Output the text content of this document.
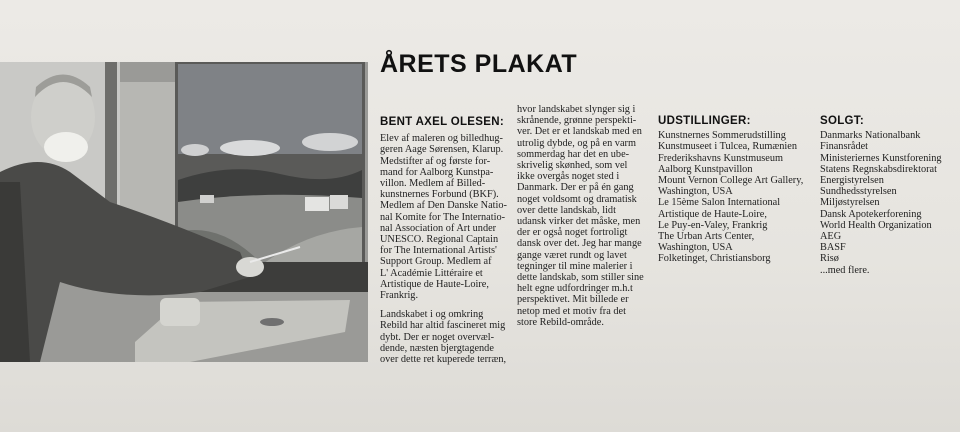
ÅRETS PLAKAT
BENT AXEL OLESEN:

Elev af maleren og billedhug-
geren Aage Sørensen, Klarup.
Medstifter af og første for-
mand for Aalborg Kunstpa-
villon. Medlem af Billed-
kunstnernes Forbund (BKF).
Medlem af Den Danske Natio-
nal Komite for The Internatio-
nal Association of Art under
UNESCO. Regional Captain
for The International Artists'
Support Group. Medlem af
L' Académie Littéraire et
Artistique de Haute-Loire,
Frankrig.

Landskabet i og omkring
Rebild har altid fascineret mig
dybt. Der er noget overvæl-
dende, næsten bjergtagende
over dette ret kuperede terræn,

hvor landskabet slynger sig i
skrånende, grønne perspekti-
ver. Det er et landskab med en
utrolig dybde, og på en varm
sommerdag har det en ube-
skrivelig skønhed, som vel
ikke overgås noget sted i
Danmark. Der er på én gang
noget voldsomt og dramatisk
over dette landskab, lidt
udansk virker det måske, men
der er også noget fortroligt
dansk over det. Jeg har mange
gange været rundt og lavet
tegninger til mine malerier i
dette landskab, som stiller sine
helt egne udfordringer m.h.t
perspektivet. Mit billede er
netop med et motiv fra det
store Rebild-område.

UDSTILLINGER:
Kunstnernes Sommerudstilling
Kunstmuseet i Tulcea, Rumænien
Frederikshavns Kunstmuseum
Aalborg Kunstpavillon
Mount Vernon College Art Gallery,
Washington, USA
Le 15ème Salon International
Artistique de Haute-Loire,
Le Puy-en-Valey, Frankrig
The Urban Arts Center,
Washington, USA
Folketinget, Christiansborg
SOLGT:
Danmarks Nationalbank
Finansrådet
Ministeriernes Kunstforening
Statens Regnskabsdirektorat
Energistyrelsen
Sundhedsstyrelsen
Miljøstyrelsen
Dansk Apotekerforening
World Health Organization
AEG
BASF
Risø
...med flere.
